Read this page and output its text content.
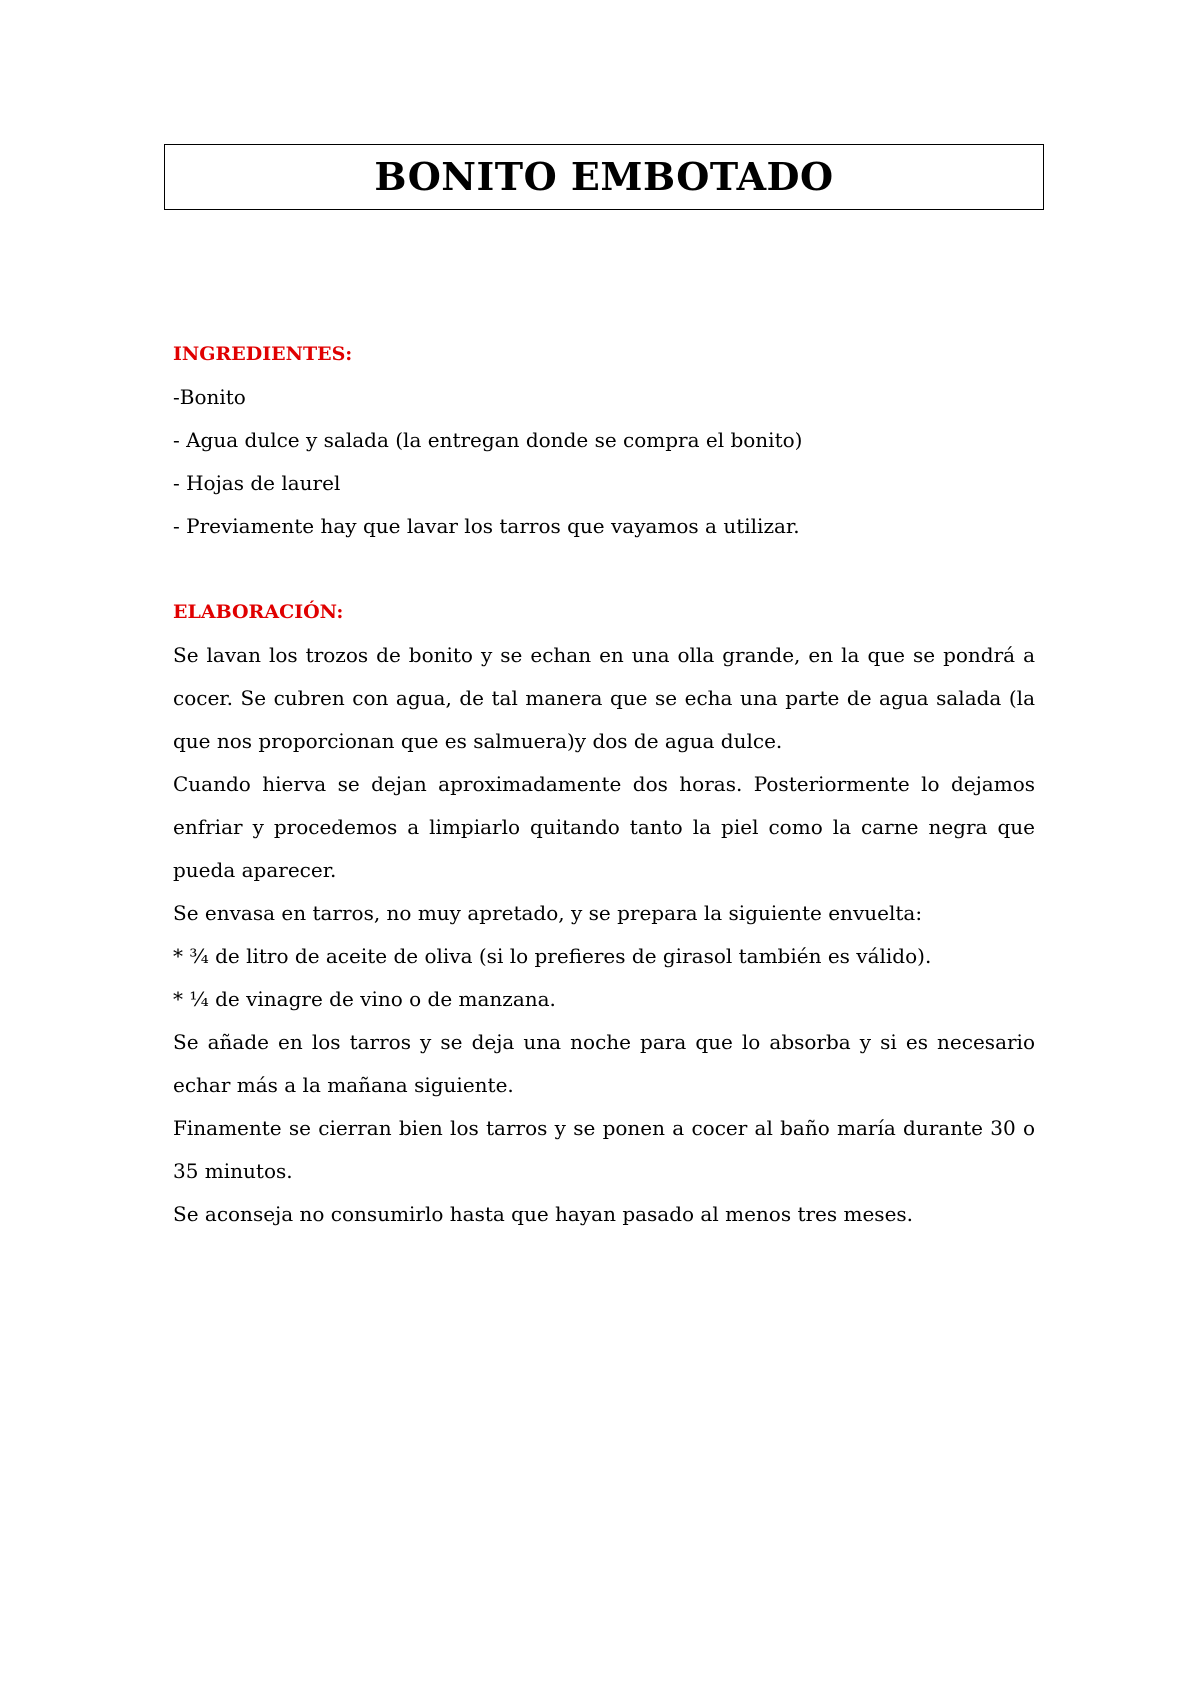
BONITO EMBOTADO

INGREDIENTES:

-Bonito

- Agua dulce y salada (la entregan donde se compra el bonito)

- Hojas de laurel

- Previamente hay que lavar los tarros que vayamos a utilizar.

ELABORACIÓN:

Se lavan los trozos de bonito y se echan en una olla grande, en la que se pondrá a cocer. Se cubren con agua, de tal manera que se echa una parte de agua salada (la que nos proporcionan que es salmuera)y dos de agua dulce.

Cuando hierva se dejan aproximadamente dos horas. Posteriormente lo dejamos enfriar y procedemos a limpiarlo quitando tanto la piel como la carne negra que pueda aparecer.

Se envasa en tarros, no muy apretado, y se prepara la siguiente envuelta:

* ¾ de litro de aceite de oliva (si lo prefieres de girasol también es válido).

* ¼ de vinagre de vino o de manzana.

Se añade en los tarros y se deja una noche para que lo absorba y si es necesario echar más a la mañana siguiente.

Finamente se cierran bien los tarros y se ponen a cocer al baño maría durante 30 o 35 minutos.

Se aconseja no consumirlo hasta que hayan pasado al menos tres meses.
